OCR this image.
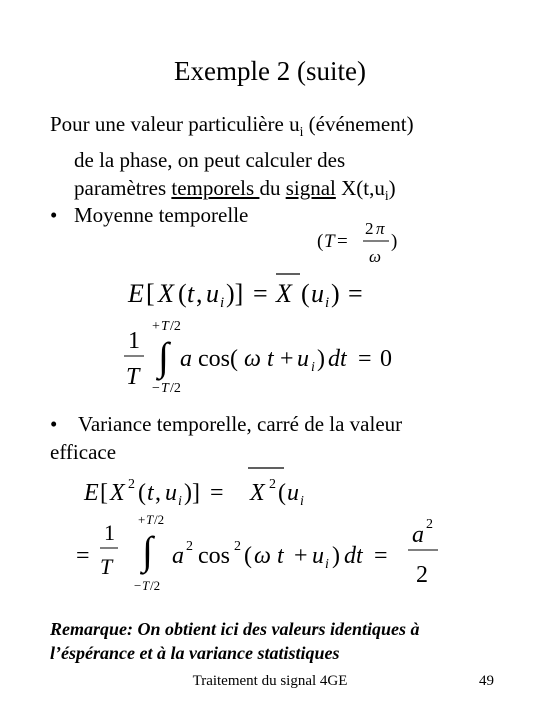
Exemple 2 (suite)
Pour une valeur particulière $u_i$ (événement)
de la phase, on peut calculer des
paramètres temporels du signal $X(t,u_i)$
• Moyenne temporelle
( T =
2 π
ω
)
E [ X ( t , u i )] = X ( u i ) =
1
T
+ T /2
∫
− T /2
a cos( ω t + u i ) dt = 0
• Variance temporelle, carré de la valeur
efficace
E [ X 2 ( t , u i )] = X 2 ( u i
=
1
T
+ T /2
∫
− T /2
a 2 cos 2 ( ω t + u i ) dt =
a 2
2
Remarque: On obtient ici des valeurs identiques à
l’éspérance et à la variance statistiques
Traitement du signal 4GE	49
